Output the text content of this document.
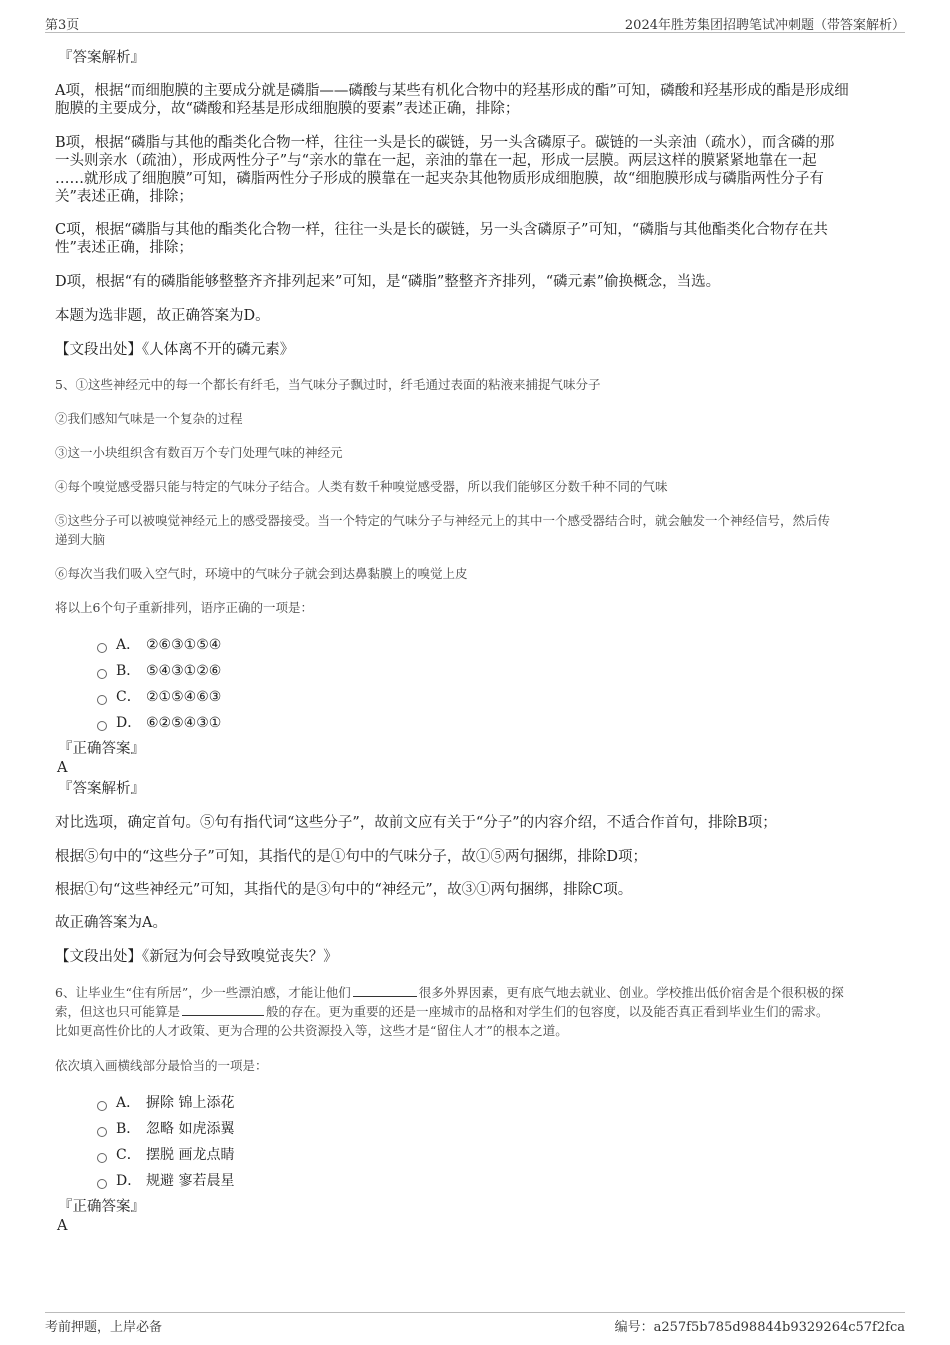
第3页	2024年胜芳集团招聘笔试冲刺题（带答案解析）
『答案解析』
A项，根据“而细胞膜的主要成分就是磷脂——磷酸与某些有机化合物中的羟基形成的酯”可知，磷酸和羟基形成的酯是形成细
胞膜的主要成分，故“磷酸和羟基是形成细胞膜的要素”表述正确，排除；
B项，根据“磷脂与其他的酯类化合物一样，往往一头是长的碳链，另一头含磷原子。碳链的一头亲油（疏水），而含磷的那
一头则亲水（疏油），形成两性分子”与“亲水的靠在一起，亲油的靠在一起，形成一层膜。两层这样的膜紧紧地靠在一起
……就形成了细胞膜”可知，磷脂两性分子形成的膜靠在一起夹杂其他物质形成细胞膜，故“细胞膜形成与磷脂两性分子有
关”表述正确，排除；
C项，根据“磷脂与其他的酯类化合物一样，往往一头是长的碳链，另一头含磷原子”可知，“磷脂与其他酯类化合物存在共
性”表述正确，排除；
D项，根据“有的磷脂能够整整齐齐排列起来”可知，是“磷脂”整整齐齐排列，“磷元素”偷换概念，当选。
本题为选非题，故正确答案为D。
【文段出处】《人体离不开的磷元素》
5、①这些神经元中的每一个都长有纤毛，当气味分子飘过时，纤毛通过表面的粘液来捕捉气味分子
②我们感知气味是一个复杂的过程
③这一小块组织含有数百万个专门处理气味的神经元
④每个嗅觉感受器只能与特定的气味分子结合。人类有数千种嗅觉感受器，所以我们能够区分数千种不同的气味
⑤这些分子可以被嗅觉神经元上的感受器接受。当一个特定的气味分子与神经元上的其中一个感受器结合时，就会触发一个神经信号，然后传
递到大脑
⑥每次当我们吸入空气时，环境中的气味分子就会到达鼻黏膜上的嗅觉上皮
将以上6个句子重新排列，语序正确的一项是：
A． ②⑥③①⑤④
B． ⑤④③①②⑥
C． ②①⑤④⑥③
D． ⑥②⑤④③①
『正确答案』
A
『答案解析』
对比选项，确定首句。⑤句有指代词“这些分子”，故前文应有关于“分子”的内容介绍，不适合作首句，排除B项；
根据⑤句中的“这些分子”可知，其指代的是①句中的气味分子，故①⑤两句捆绑，排除D项；
根据①句“这些神经元”可知，其指代的是③句中的“神经元”，故③①两句捆绑，排除C项。
故正确答案为A。
【文段出处】《新冠为何会导致嗅觉丧失？》
6、让毕业生“住有所居”，少一些漂泊感，才能让他们	很多外界因素，更有底气地去就业、创业。学校推出低价宿舍是个很积极的探
索，但这也只可能算是	般的存在。更为重要的还是一座城市的品格和对学生们的包容度，以及能否真正看到毕业生们的需求。
比如更高性价比的人才政策、更为合理的公共资源投入等，这些才是“留住人才”的根本之道。
依次填入画横线部分最恰当的一项是：
A． 摒除 锦上添花
B． 忽略 如虎添翼
C． 摆脱 画龙点睛
D． 规避 寥若晨星
『正确答案』
A
考前押题，上岸必备	编号：a257f5b785d98844b9329264c57f2fca
